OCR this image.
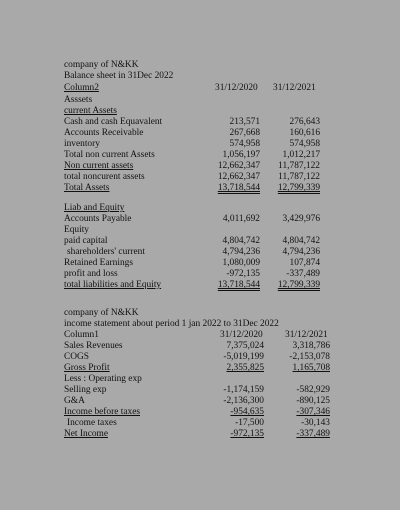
company of N&KK
Balance sheet in 31Dec 2022
Column2	31/12/2020 31/12/2021
Asssets
current Assets
Cash and cash Equavalent	213,571	276,643
Accounts Receivable	267,668	160,616
inventory	574,958	574,958
Total non current Assets	1,056,197	1,012,217
Non current assets	12,662,347	11,787,122
total noncurent assets	12,662,347	11,787,122
Total Assets	13,718,544	12,799,339
Liab and Equity
Accounts Payable	4,011,692	3,429,976
Equity
paid capital	4,804,742	4,804,742
shareholders' current	4,794,236	4,794,236
Retained Earnings	1,080,009	107,874
profit and loss	-972,135	-337,489
total liabilities and Equity	13,718,544	12,799,339
company of N&KK
income statement about period 1 jan 2022 to 31Dec 2022
Column1	31/12/2020 31/12/2021
Sales Revenues	7,375,024	3,318,786
COGS	-5,019,199	-2,153,078
Gross Profit	2,355,825	1,165,708
Less : Operating exp
Selling exp	-1,174,159	-582,929
G&A	-2,136,300	-890,125
Income before taxes	-954,635	-307,346
Income taxes	-17,500	-30,143
Net Income	-972,135	-337,489
